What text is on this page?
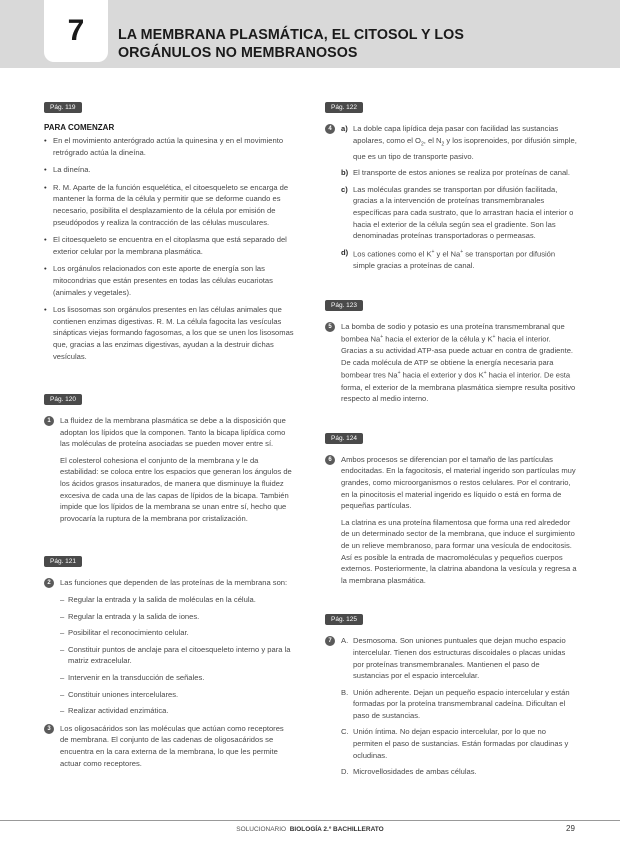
7 LA MEMBRANA PLASMÁTICA, EL CITOSOL Y LOS ORGÁNULOS NO MEMBRANOSOS
Pág. 119
PARA COMENZAR
• En el movimiento anterógrado actúa la quinesina y en el movimiento retrógrado actúa la dineína.
• La dineína.
• R. M. Aparte de la función esquelética, el citoesqueleto se encarga de mantener la forma de la célula y permitir que se deforme cuando es necesario, posibilita el desplazamiento de la célula por emisión de pseudópodos y realiza la contracción de las células musculares.
• El citoesqueleto se encuentra en el citoplasma que está separado del exterior celular por la membrana plasmática.
• Los orgánulos relacionados con este aporte de energía son las mitocondrias que están presentes en todas las células eucariotas (animales y vegetales).
• Los lisosomas son orgánulos presentes en las células animales que contienen enzimas digestivas. R. M. La célula fagocita las vesículas sinápticas viejas formando fagosomas, a los que se unen los lisosomas que, gracias a las enzimas digestivas, ayudan a la destruir dichas vesículas.
Pág. 120
1	La fluidez de la membrana plasmática se debe a la disposición que adoptan los lípidos que la componen. Tanto la bicapa lipídica como las moléculas de proteína asociadas se pueden mover entre sí.

El colesterol cohesiona el conjunto de la membrana y le da estabilidad: se coloca entre los espacios que generan los ángulos de los ácidos grasos insaturados, de manera que disminuye la fluidez excesiva de cada una de las capas de lípidos de la bicapa. También impide que los lípidos de la membrana se unan entre sí, hecho que provocaría la ruptura de la membrana por cristalización.

Pág. 121
2	Las funciones que dependen de las proteínas de la membrana son:

– Regular la entrada y la salida de moléculas en la célula.
– Regular la entrada y la salida de iones.
– Posibilitar el reconocimiento celular.
– Constituir puntos de anclaje para el citoesqueleto interno y para la matriz extracelular.
– Intervenir en la transducción de señales.
– Constituir uniones intercelulares.
– Realizar actividad enzimática.
3	Los oligosacáridos son las moléculas que actúan como receptores de membrana. El conjunto de las cadenas de oligosacáridos se encuentra en la cara externa de la membrana, lo que les permite actuar como receptores.

Pág. 122
4	a) La doble capa lipídica deja pasar con facilidad las sustancias apolares, como el $O_2$, el $N_2$ y los isoprenoides, por difusión simple, que es un tipo de transporte pasivo.

b) El transporte de estos aniones se realiza por proteínas de canal.

c) Las moléculas grandes se transportan por difusión facilitada, gracias a la intervención de proteínas transmembranales específicas para cada sustrato, que lo arrastran hacia el interior o hacia el exterior de la célula según sea el gradiente. Son las denominadas proteínas transportadoras o permeasas.

d) Los cationes como el K+ y el Na+ se transportan por difusión simple gracias a proteínas de canal.

Pág. 123
5	La bomba de sodio y potasio es una proteína transmembranal que bombea Na+ hacia el exterior de la célula y K+ hacia el interior. Gracias a su actividad ATP-asa puede actuar en contra de gradiente. De cada molécula de ATP se obtiene la energía necesaria para bombear tres Na+ hacia el exterior y dos K+ hacia el interior. De esta forma, el exterior de la membrana plasmática siempre resulta positivo respecto al medio interno.

Pág. 124
6	Ambos procesos se diferencian por el tamaño de las partículas endocitadas. En la fagocitosis, el material ingerido son partículas muy grandes, como microorganismos o restos celulares. Por el contrario, en la pinocitosis el material ingerido es líquido o está en forma de pequeñas partículas.

La clatrina es una proteína filamentosa que forma una red alrededor de un determinado sector de la membrana, que induce el surgimiento de un relieve membranoso, para formar una vesícula de endocitosis. Así es posible la entrada de macromoléculas y pequeños cuerpos externos. Posteriormente, la clatrina abandona la vesícula y regresa a la membrana plasmática.

Pág. 125
7	A. Desmosoma. Son uniones puntuales que dejan mucho espacio intercelular. Tienen dos estructuras discoidales o placas unidas por proteínas transmembranales. Mantienen el paso de sustancias por el espacio intercelular.

B. Unión adherente. Dejan un pequeño espacio intercelular y están formadas por la proteína transmembranal cadeína. Dificultan el paso de sustancias.

C. Unión íntima. No dejan espacio intercelular, por lo que no permiten el paso de sustancias. Están formadas por claudinas y ocludinas.

D. Microvellosidades de ambas células.

SOLUCIONARIO BIOLOGÍA 2.º BACHILLERATO	29
